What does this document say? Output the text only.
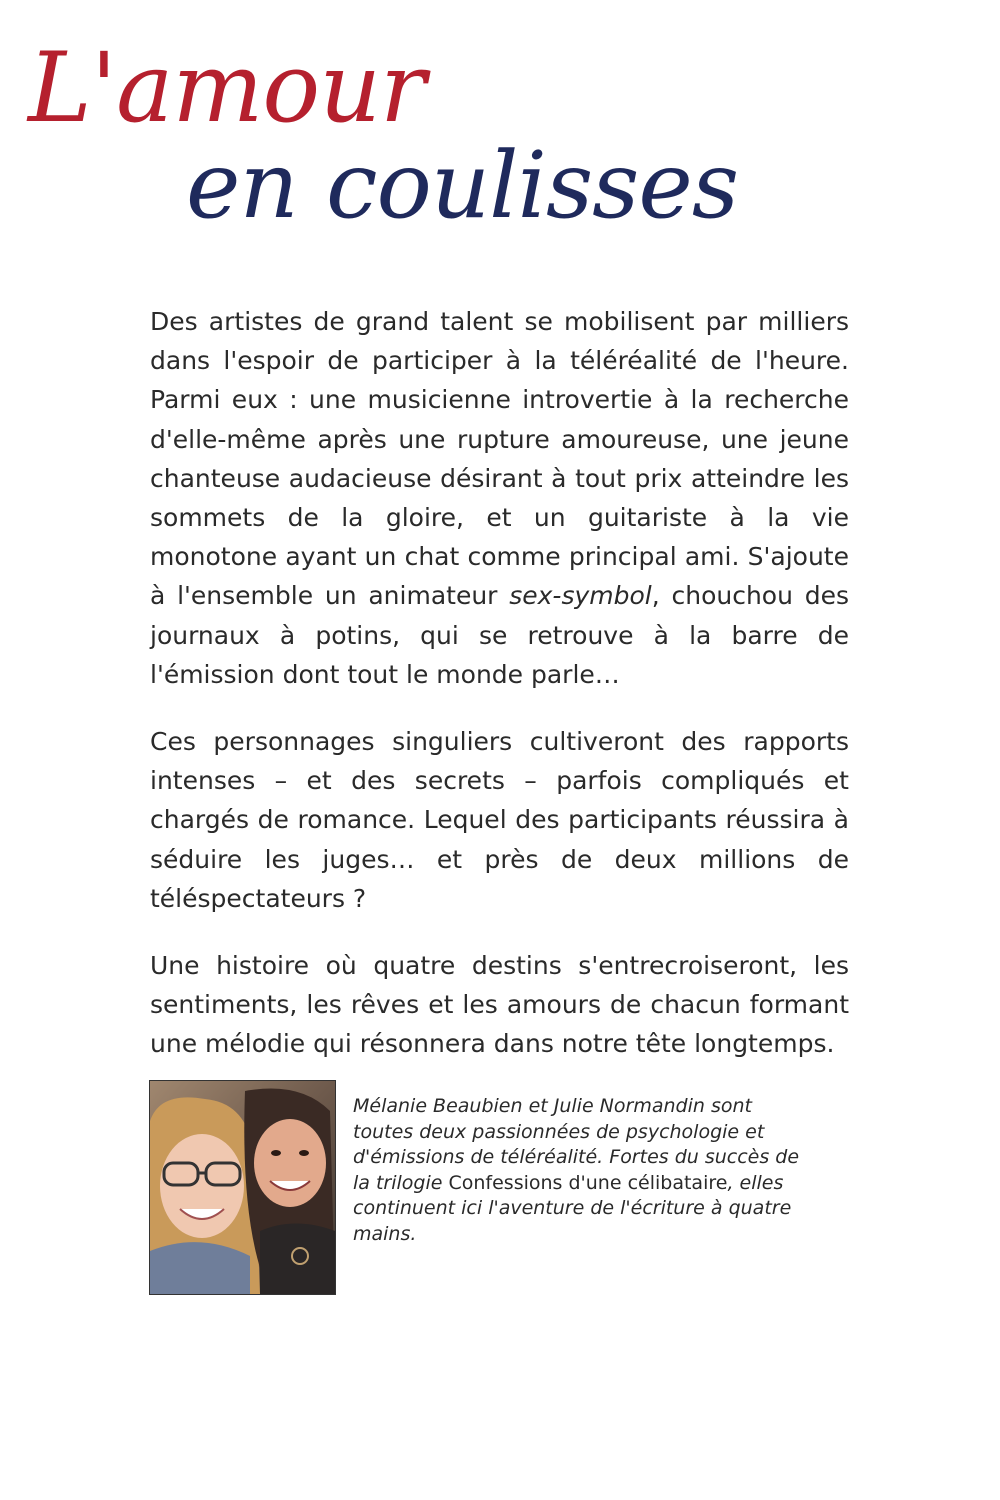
L'amour
en coulisses

Des artistes de grand talent se mobilisent par milliers dans l'espoir de participer à la téléréalité de l'heure. Parmi eux : une musicienne introvertie à la recherche d'elle-même après une rupture amoureuse, une jeune chanteuse audacieuse désirant à tout prix atteindre les sommets de la gloire, et un guitariste à la vie monotone ayant un chat comme principal ami. S'ajoute à l'ensemble un animateur sex-symbol, chouchou des journaux à potins, qui se retrouve à la barre de l'émission dont tout le monde parle…

Ces personnages singuliers cultiveront des rapports intenses – et des secrets – parfois compliqués et chargés de romance. Lequel des participants réussira à séduire les juges… et près de deux millions de téléspectateurs ?

Une histoire où quatre destins s'entrecroiseront, les sentiments, les rêves et les amours de chacun formant une mélodie qui résonnera dans notre tête longtemps.

Mélanie Beaubien et Julie Normandin sont toutes deux passionnées de psychologie et d'émissions de téléréalité. Fortes du succès de la trilogie Confessions d'une célibataire, elles continuent ici l'aventure de l'écriture à quatre mains.
